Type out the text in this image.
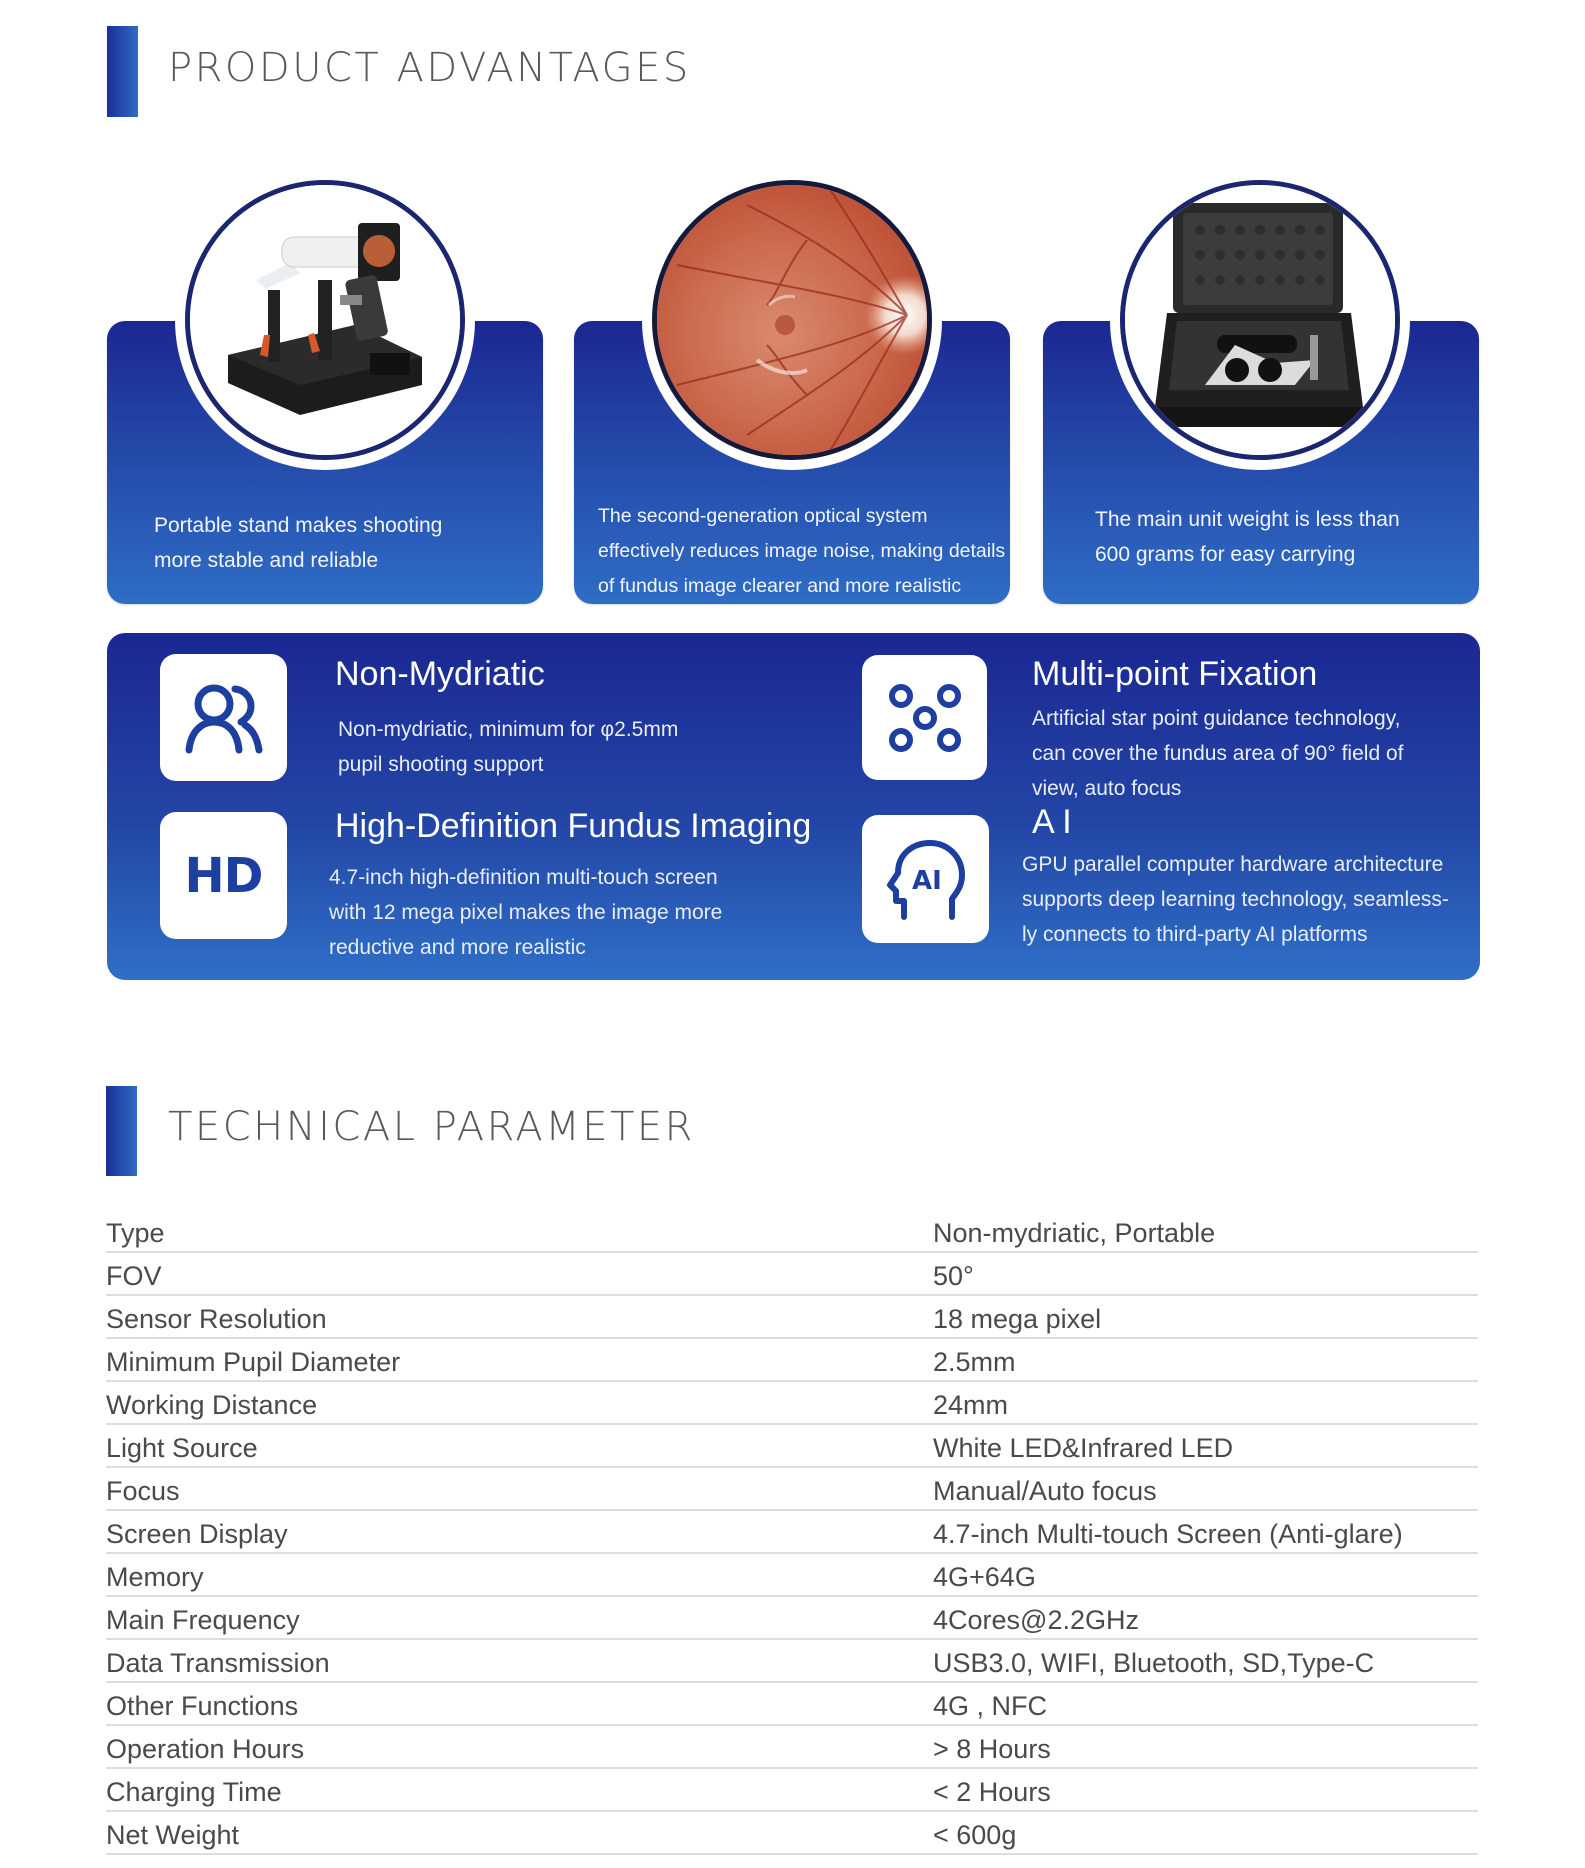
PRODUCT ADVANTAGES
Portable stand makes shooting
more stable and reliable
The second-generation optical system
effectively reduces image noise, making details
of fundus image clearer and more realistic
The main unit weight is less than
600 grams for easy carrying
Non-Mydriatic
Non-mydriatic, minimum for φ2.5mm
pupil shooting support
HD
High-Definition Fundus Imaging
4.7-inch high-definition multi-touch screen
with 12 mega pixel makes the image more
reductive and more realistic
Multi-point Fixation
Artificial star point guidance technology,
can cover the fundus area of 90° field of
view, auto focus
AI
A I
GPU parallel computer hardware architecture
supports deep learning technology, seamless-
ly connects to third-party AI platforms
TECHNICAL PARAMETER
Type	Non-mydriatic, Portable
FOV	50°
Sensor Resolution	18 mega pixel
Minimum Pupil Diameter	2.5mm
Working Distance	24mm
Light Source	White LED&Infrared LED
Focus	Manual/Auto focus
Screen Display	4.7-inch Multi-touch Screen (Anti-glare)
Memory	4G+64G
Main Frequency	4Cores@2.2GHz
Data Transmission	USB3.0, WIFI, Bluetooth, SD,Type-C
Other Functions	4G , NFC
Operation Hours	> 8 Hours
Charging Time	< 2 Hours
Net Weight	< 600g
